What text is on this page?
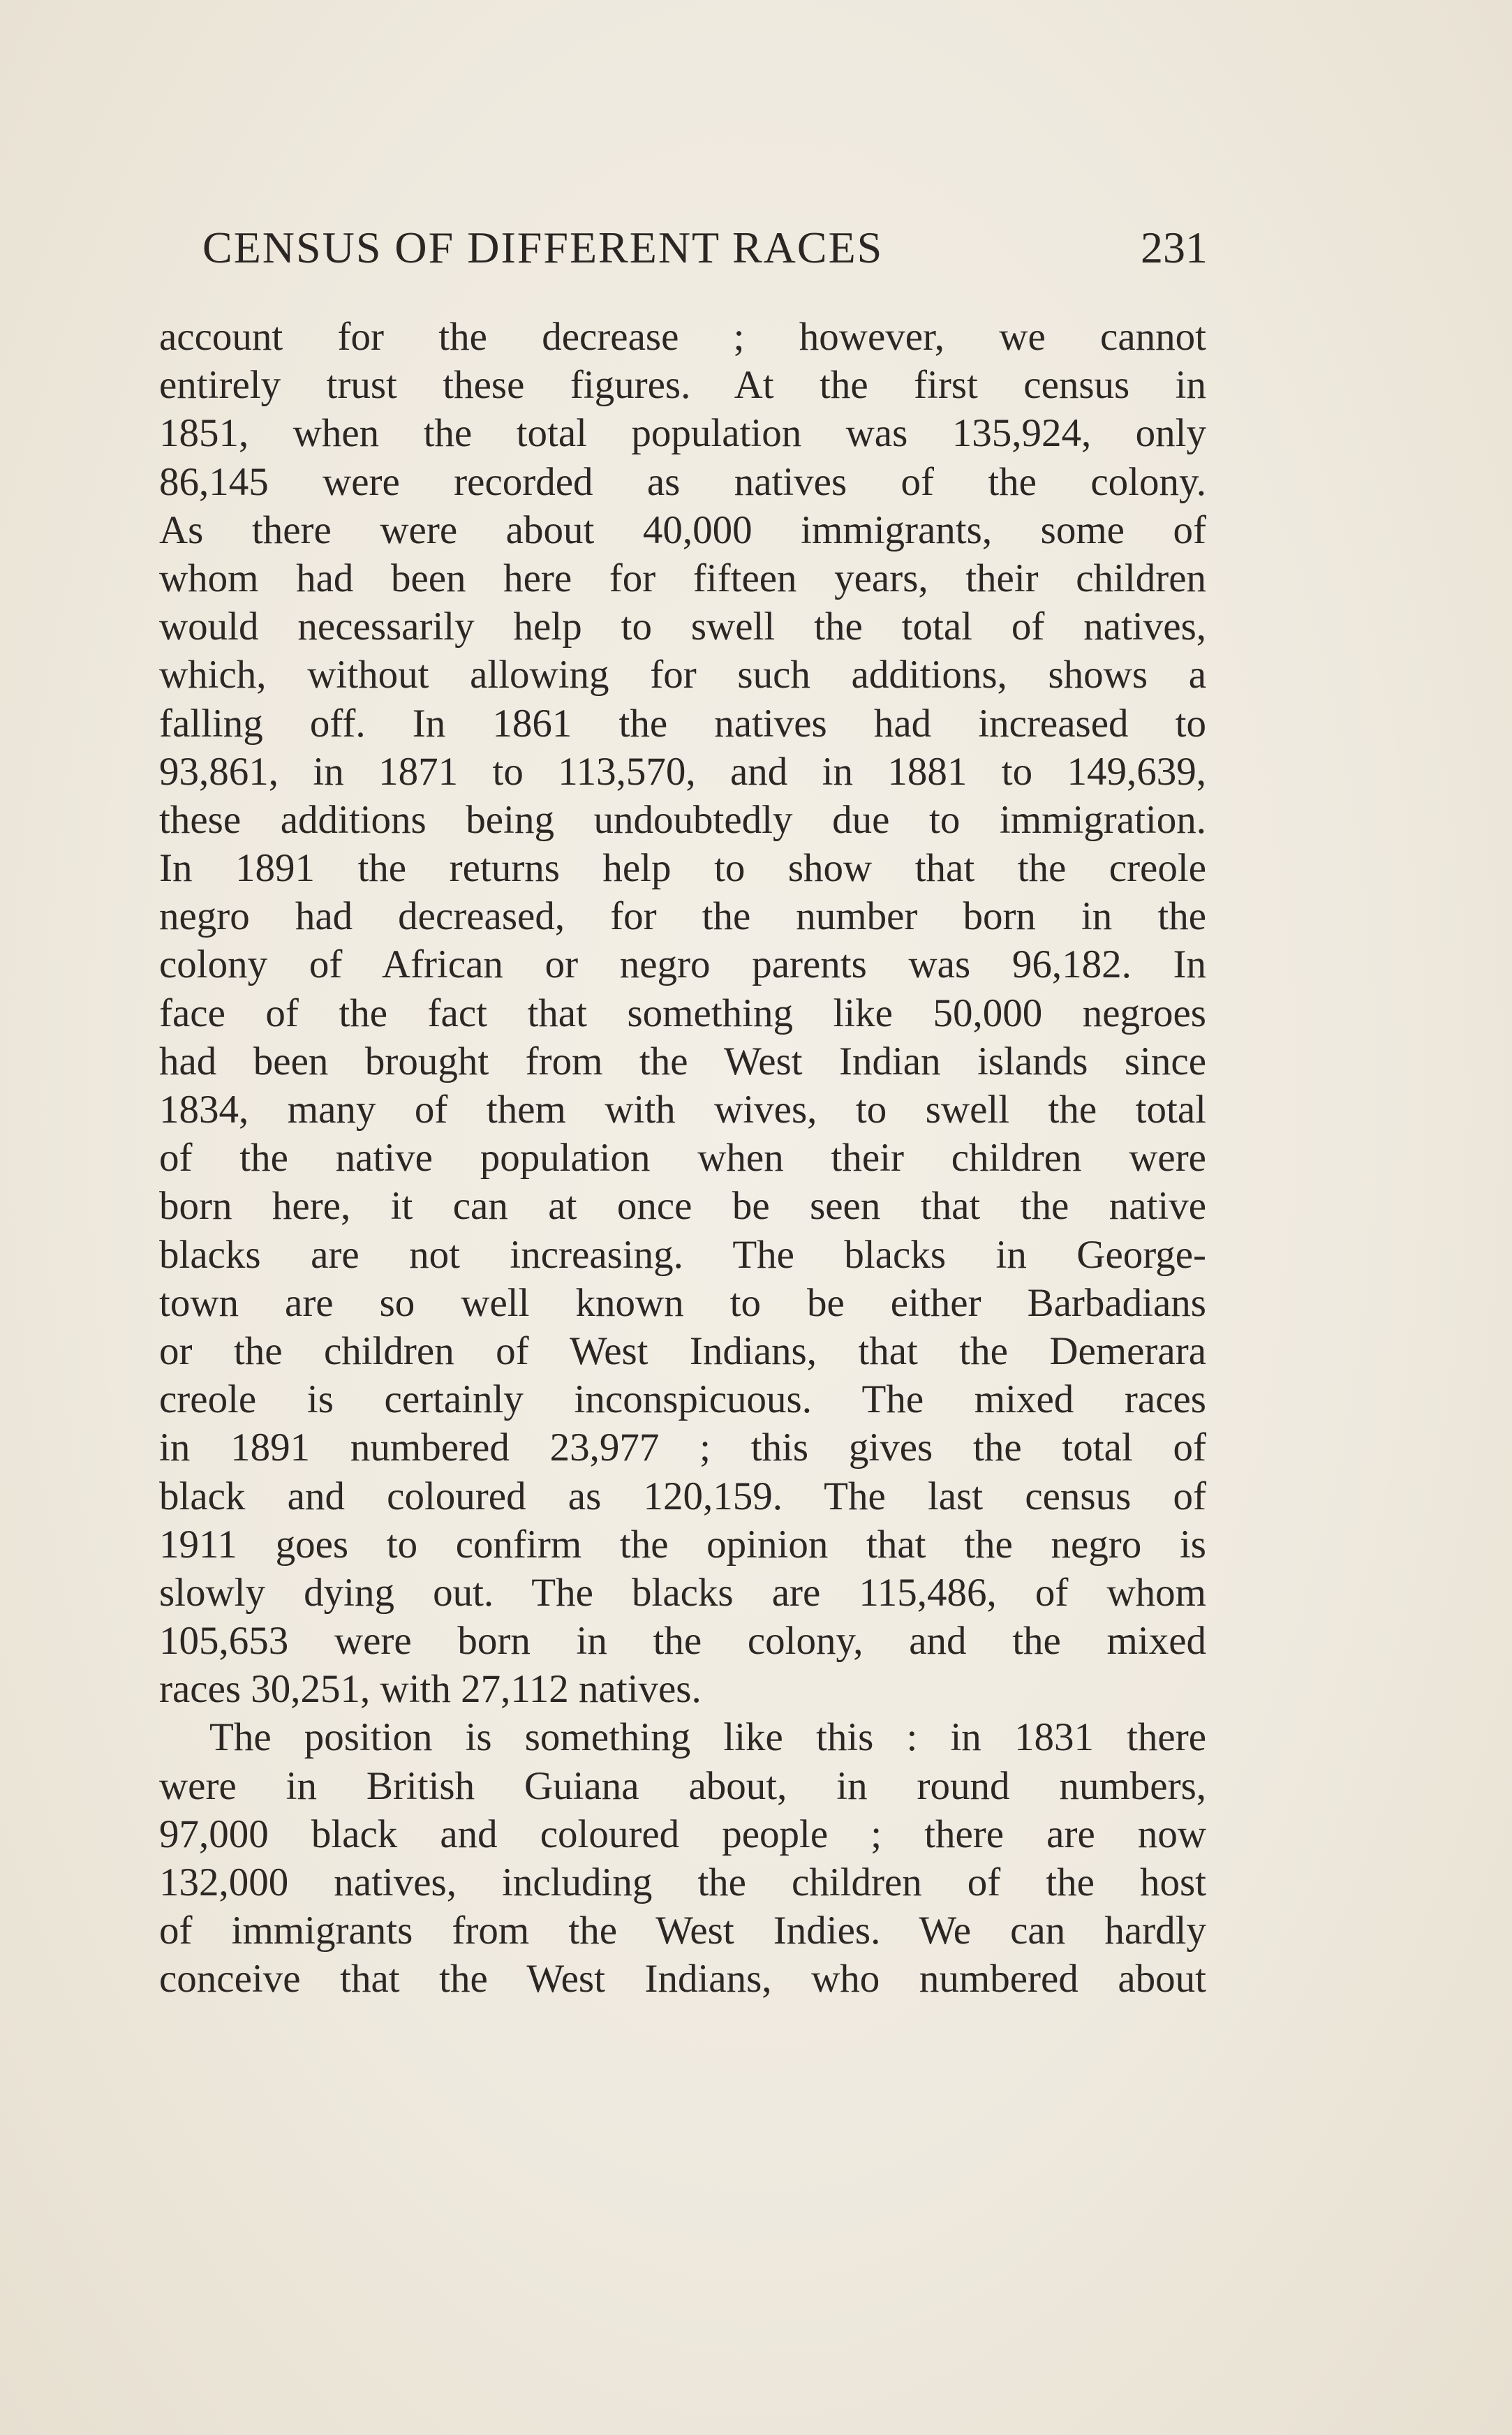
CENSUS OF DIFFERENT RACES	231
account for the decrease ; however, we cannot
entirely trust these figures. At the first census in
1851, when the total population was 135,924, only
86,145 were recorded as natives of the colony.
As there were about 40,000 immigrants, some of
whom had been here for fifteen years, their children
would necessarily help to swell the total of natives,
which, without allowing for such additions, shows a
falling off. In 1861 the natives had increased to
93,861, in 1871 to 113,570, and in 1881 to 149,639,
these additions being undoubtedly due to immigration.
In 1891 the returns help to show that the creole
negro had decreased, for the number born in the
colony of African or negro parents was 96,182. In
face of the fact that something like 50,000 negroes
had been brought from the West Indian islands since
1834, many of them with wives, to swell the total
of the native population when their children were
born here, it can at once be seen that the native
blacks are not increasing. The blacks in George-
town are so well known to be either Barbadians
or the children of West Indians, that the Demerara
creole is certainly inconspicuous. The mixed races
in 1891 numbered 23,977 ; this gives the total of
black and coloured as 120,159. The last census of
1911 goes to confirm the opinion that the negro is
slowly dying out. The blacks are 115,486, of whom
105,653 were born in the colony, and the mixed
races 30,251, with 27,112 natives.
The position is something like this : in 1831 there
were in British Guiana about, in round numbers,
97,000 black and coloured people ; there are now
132,000 natives, including the children of the host
of immigrants from the West Indies. We can hardly
conceive that the West Indians, who numbered about
